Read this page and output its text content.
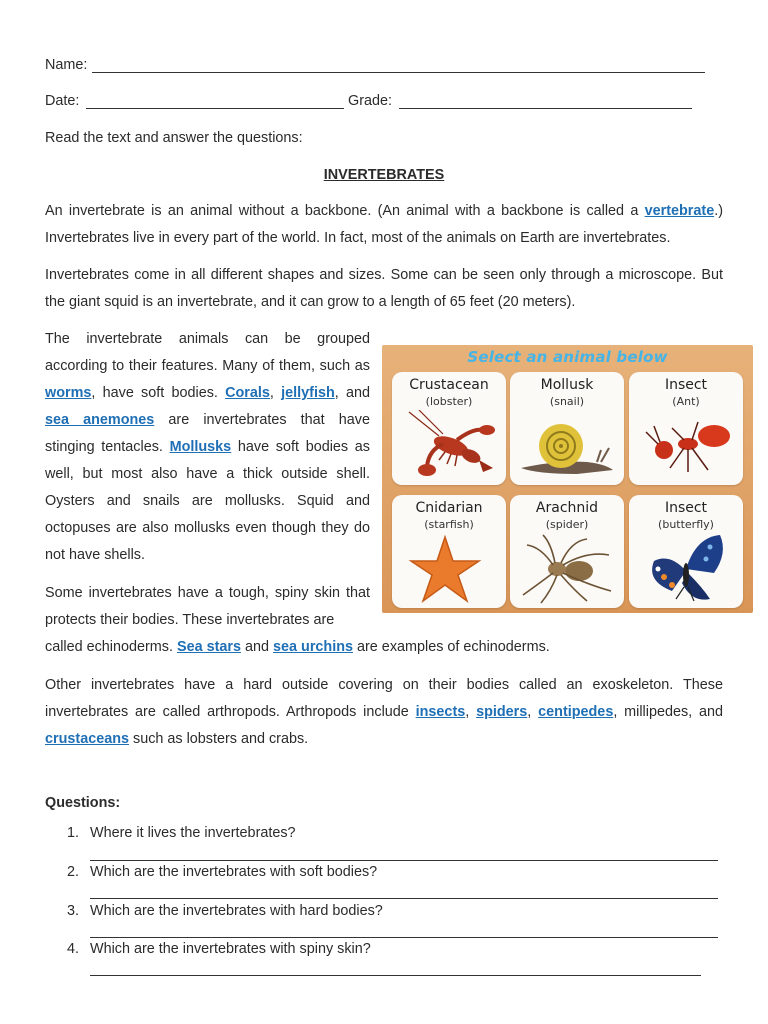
Name:
Date:	Grade:
Read the text and answer the questions:
INVERTEBRATES

An invertebrate is an animal without a backbone. (An animal with a backbone is called a vertebrate.) Invertebrates live in every part of the world. In fact, most of the animals on Earth are invertebrates.

Invertebrates come in all different shapes and sizes. Some can be seen only through a microscope. But the giant squid is an invertebrate, and it can grow to a length of 65 feet (20 meters).

The invertebrate animals can be grouped according to their features. Many of them, such as worms, have soft bodies. Corals, jellyfish, and sea anemones are invertebrates that have stinging tentacles. Mollusks have soft bodies as well, but most also have a thick outside shell. Oysters and snails are mollusks. Squid and octopuses are also mollusks even though they do not have shells.

Some invertebrates have a tough, spiny skin that protects their bodies. These invertebrates are

called echinoderms. Sea stars and sea urchins are examples of echinoderms.

Other invertebrates have a hard outside covering on their bodies called an exoskeleton. These invertebrates are called arthropods. Arthropods include insects, spiders, centipedes, millipedes, and crustaceans such as lobsters and crabs.

Select an animal below
Crustacean
(lobster)
Mollusk
(snail)
Insect
(Ant)
Cnidarian
(starfish)
Arachnid
(spider)
Insect
(butterfly)
Questions:
1. Where it lives the invertebrates?
2. Which are the invertebrates with soft bodies?
3. Which are the invertebrates with hard bodies?
4. Which are the invertebrates with spiny skin?
